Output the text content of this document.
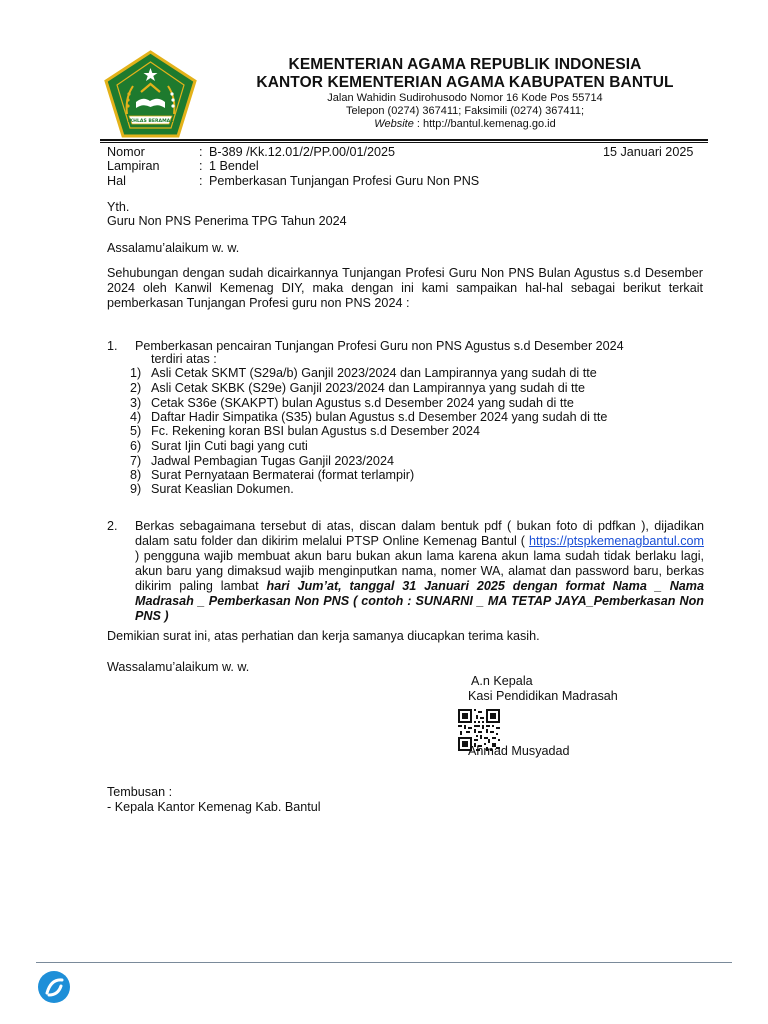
IKHLAS BERAMAL
KEMENTERIAN AGAMA REPUBLIK INDONESIA
KANTOR KEMENTERIAN AGAMA KABUPATEN BANTUL
Jalan Wahidin Sudirohusodo Nomor 16 Kode Pos 55714
Telepon (0274) 367411; Faksimili (0274) 367411;
Website : http://bantul.kemenag.go.id
Nomor	: B-389 /Kk.12.01/2/PP.00/01/2025	15 Januari 2025
Lampiran	: 1 Bendel
Hal	: Pemberkasan Tunjangan Profesi Guru Non PNS
Yth.
Guru Non PNS Penerima TPG Tahun 2024
Assalamu’alaikum w. w.
Sehubungan dengan sudah dicairkannya Tunjangan Profesi Guru Non PNS Bulan Agustus s.d Desember 2024 oleh Kanwil Kemenag DIY, maka dengan ini kami sampaikan hal-hal sebagai berikut terkait pemberkasan Tunjangan Profesi guru non PNS 2024 :
1. Pemberkasan pencairan Tunjangan Profesi Guru non PNS Agustus s.d Desember 2024
terdiri atas :
1) Asli Cetak SKMT (S29a/b) Ganjil 2023/2024 dan Lampirannya yang sudah di tte
2) Asli Cetak SKBK (S29e) Ganjil 2023/2024 dan Lampirannya yang sudah di tte
3) Cetak S36e (SKAKPT) bulan Agustus s.d Desember 2024 yang sudah di tte
4) Daftar Hadir Simpatika (S35) bulan Agustus s.d Desember 2024 yang sudah di tte
5) Fc. Rekening koran BSI bulan Agustus s.d Desember 2024
6) Surat Ijin Cuti bagi yang cuti
7) Jadwal Pembagian Tugas Ganjil 2023/2024
8) Surat Pernyataan Bermaterai (format terlampir)
9) Surat Keaslian Dokumen.
2. Berkas sebagaimana tersebut di atas, discan dalam bentuk pdf ( bukan foto di pdfkan ), dijadikan dalam satu folder dan dikirim melalui PTSP Online Kemenag Bantul ( https://ptspkemenagbantul.com ) pengguna wajib membuat akun baru bukan akun lama karena akun lama sudah tidak berlaku lagi, akun baru yang dimaksud wajib menginputkan nama, nomer WA, alamat dan password baru, berkas dikirim paling lambat hari Jum’at, tanggal 31 Januari 2025 dengan format Nama _ Nama Madrasah _ Pemberkasan Non PNS ( contoh : SUNARNI _ MA TETAP JAYA_Pemberkasan Non PNS )
Demikian surat ini, atas perhatian dan kerja samanya diucapkan terima kasih.
Wassalamu’alaikum w. w.
A.n Kepala
Kasi Pendidikan Madrasah
Ahmad Musyadad
Tembusan :
- Kepala Kantor Kemenag Kab. Bantul
